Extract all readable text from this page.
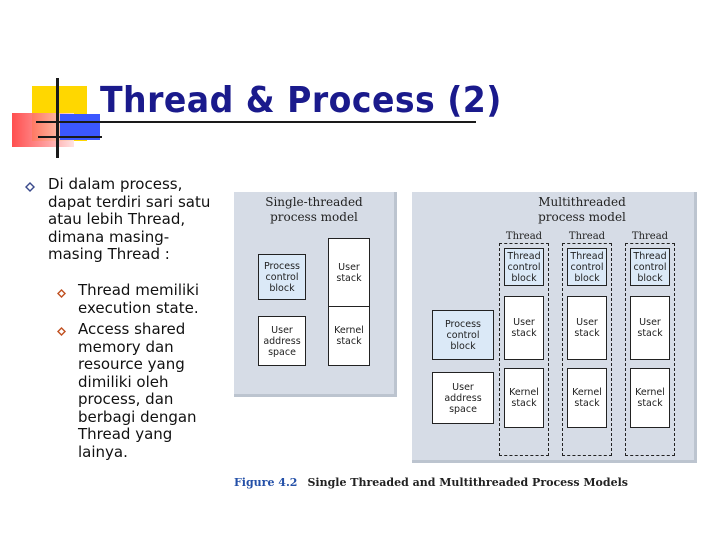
Thread & Process (2)
Di dalam process, dapat terdiri sari satu atau lebih Thread, dimana masing-masing Thread :
Thread memiliki execution state.
Access shared memory dan resource yang dimiliki oleh process, dan berbagi dengan Thread yang lainya.
Single-threaded
process model
Process control block
User stack
User address space
Kernel stack
Multithreaded
process model
Thread	Thread	Thread
Thread control block
Thread control block
Thread control block
User stack
User stack
User stack
Kernel stack
Kernel stack
Kernel stack
Process control block
User address space
Figure 4.2 Single Threaded and Multithreaded Process Models
